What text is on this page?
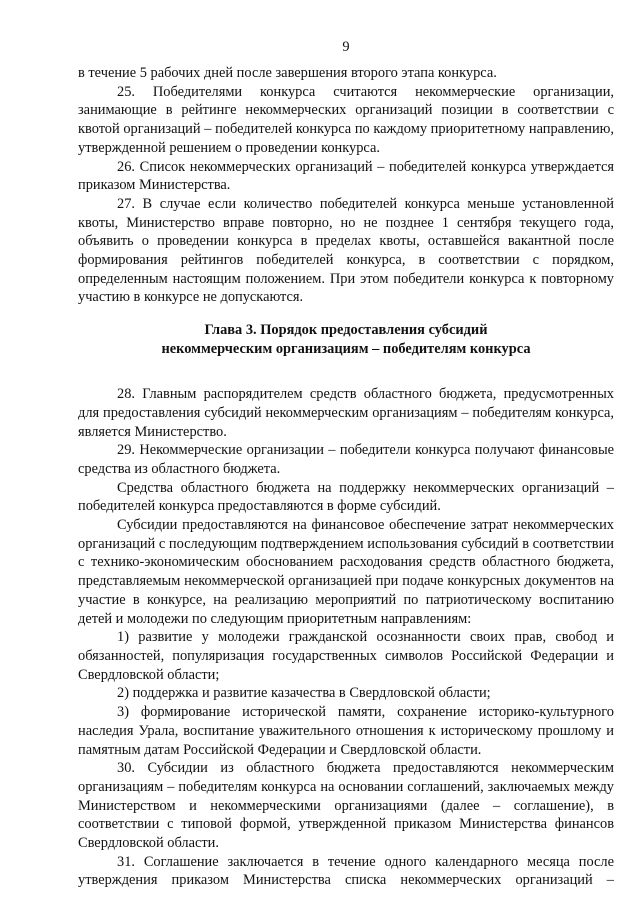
9

в течение 5 рабочих дней после завершения второго этапа конкурса.

25. Победителями конкурса считаются некоммерческие организации, занимающие в рейтинге некоммерческих организаций позиции в соответствии с квотой организаций – победителей конкурса по каждому приоритетному направлению, утвержденной решением о проведении конкурса.

26. Список некоммерческих организаций – победителей конкурса утверждается приказом Министерства.

27. В случае если количество победителей конкурса меньше установленной квоты, Министерство вправе повторно, но не позднее 1 сентября текущего года, объявить о проведении конкурса в пределах квоты, оставшейся вакантной после формирования рейтингов победителей конкурса, в соответствии с порядком, определенным настоящим положением. При этом победители конкурса к повторному участию в конкурсе не допускаются.

Глава 3. Порядок предоставления субсидий
некоммерческим организациям – победителям конкурса

28. Главным распорядителем средств областного бюджета, предусмотренных для предоставления субсидий некоммерческим организациям – победителям конкурса, является Министерство.

29. Некоммерческие организации – победители конкурса получают финансовые средства из областного бюджета.

Средства областного бюджета на поддержку некоммерческих организаций – победителей конкурса предоставляются в форме субсидий.

Субсидии предоставляются на финансовое обеспечение затрат некоммерческих организаций с последующим подтверждением использования субсидий в соответствии с технико-экономическим обоснованием расходования средств областного бюджета, представляемым некоммерческой организацией при подаче конкурсных документов на участие в конкурсе, на реализацию мероприятий по патриотическому воспитанию детей и молодежи по следующим приоритетным направлениям:

1) развитие у молодежи гражданской осознанности своих прав, свобод и обязанностей, популяризация государственных символов Российской Федерации и Свердловской области;

2) поддержка и развитие казачества в Свердловской области;

3) формирование исторической памяти, сохранение историко-культурного наследия Урала, воспитание уважительного отношения к историческому прошлому и памятным датам Российской Федерации и Свердловской области.

30. Субсидии из областного бюджета предоставляются некоммерческим организациям – победителям конкурса на основании соглашений, заключаемых между Министерством и некоммерческими организациями (далее – соглашение), в соответствии с типовой формой, утвержденной приказом Министерства финансов Свердловской области.

31. Соглашение заключается в течение одного календарного месяца после утверждения приказом Министерства списка некоммерческих организаций –
